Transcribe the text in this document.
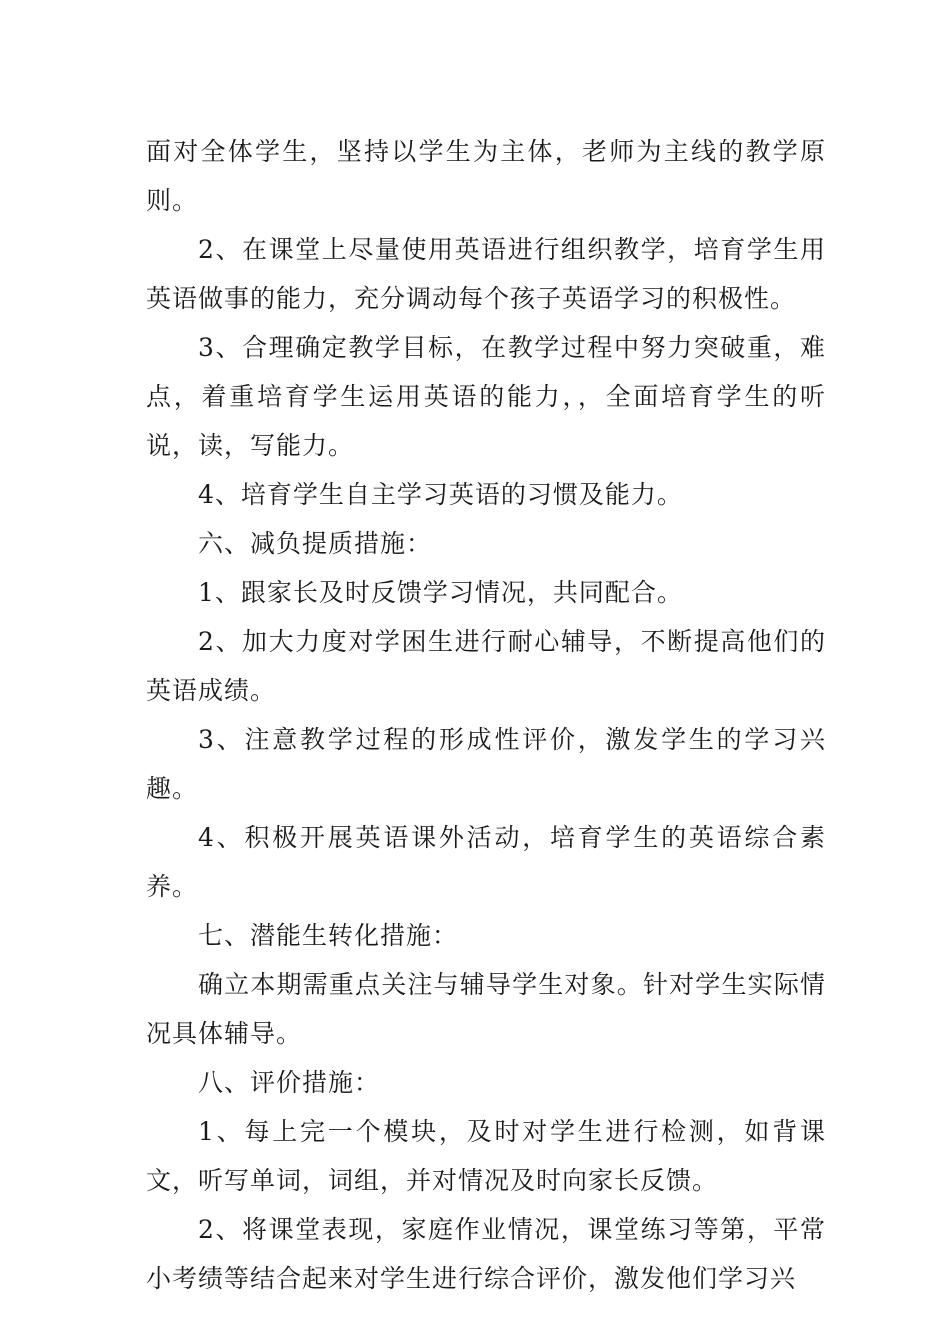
面对全体学生，坚持以学生为主体，老师为主线的教学原则。

2、在课堂上尽量使用英语进行组织教学，培育学生用英语做事的能力，充分调动每个孩子英语学习的积极性。

3、合理确定教学目标，在教学过程中努力突破重，难点，着重培育学生运用英语的能力，，全面培育学生的听说，读，写能力。

4、培育学生自主学习英语的习惯及能力。

六、减负提质措施：

1、跟家长及时反馈学习情况，共同配合。

2、加大力度对学困生进行耐心辅导，不断提高他们的英语成绩。

3、注意教学过程的形成性评价，激发学生的学习兴趣。

4、积极开展英语课外活动，培育学生的英语综合素养。

七、潜能生转化措施：

确立本期需重点关注与辅导学生对象。针对学生实际情况具体辅导。

八、评价措施：

1、每上完一个模块，及时对学生进行检测，如背课文，听写单词，词组，并对情况及时向家长反馈。

2、将课堂表现，家庭作业情况，课堂练习等第，平常小考绩等结合起来对学生进行综合评价，激发他们学习兴
